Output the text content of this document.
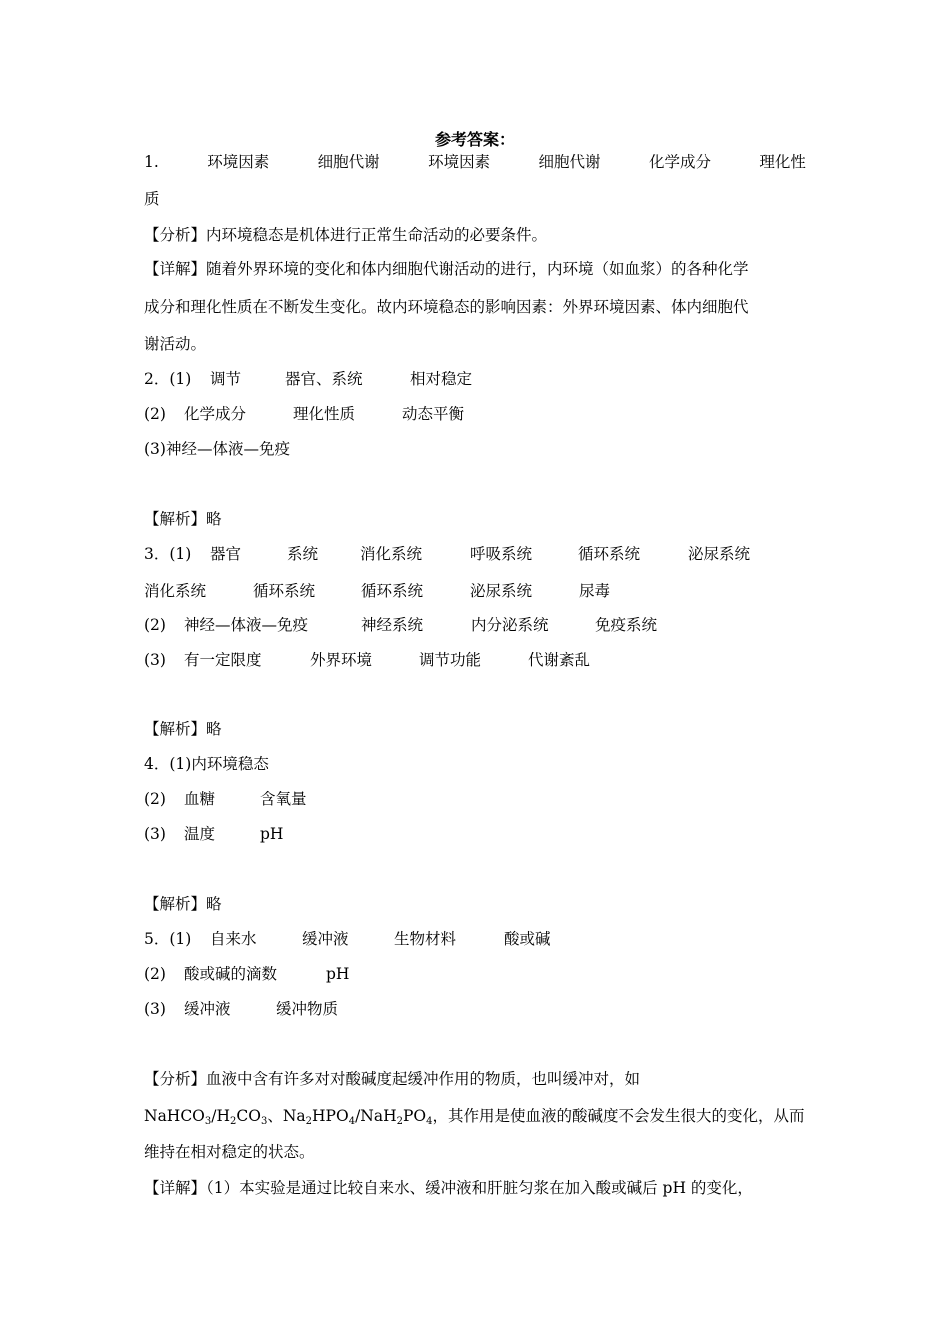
参考答案：
1.	环境因素	细胞代谢	环境因素	细胞代谢	化学成分	理化性
质
【分析】内环境稳态是机体进行正常生命活动的必要条件。
【详解】随着外界环境的变化和体内细胞代谢活动的进行，内环境（如血浆）的各种化学
成分和理化性质在不断发生变化。故内环境稳态的影响因素：外界环境因素、体内细胞代
谢活动。
2．(1) 调节	器官、系统	相对稳定
(2) 化学成分	理化性质	动态平衡
(3)神经—体液—免疫
【解析】略
3．(1) 器官	系统	消化系统	呼吸系统	循环系统	泌尿系统
消化系统	循环系统	循环系统	泌尿系统	尿毒
(2) 神经—体液—免疫	神经系统	内分泌系统	免疫系统
(3) 有一定限度	外界环境	调节功能	代谢紊乱
【解析】略
4．(1)内环境稳态
(2) 血糖	含氧量
(3) 温度	pH
【解析】略
5．(1) 自来水	缓冲液	生物材料	酸或碱
(2) 酸或碱的滴数	pH
(3) 缓冲液	缓冲物质
【分析】血液中含有许多对对酸碱度起缓冲作用的物质，也叫缓冲对，如
$NaHCO_3/H_2CO_3$、$Na_2HPO_4/NaH_2PO_4$，其作用是使血液的酸碱度不会发生很大的变化，从而
维持在相对稳定的状态。
【详解】（1）本实验是通过比较自来水、缓冲液和肝脏匀浆在加入酸或碱后 pH 的变化，
